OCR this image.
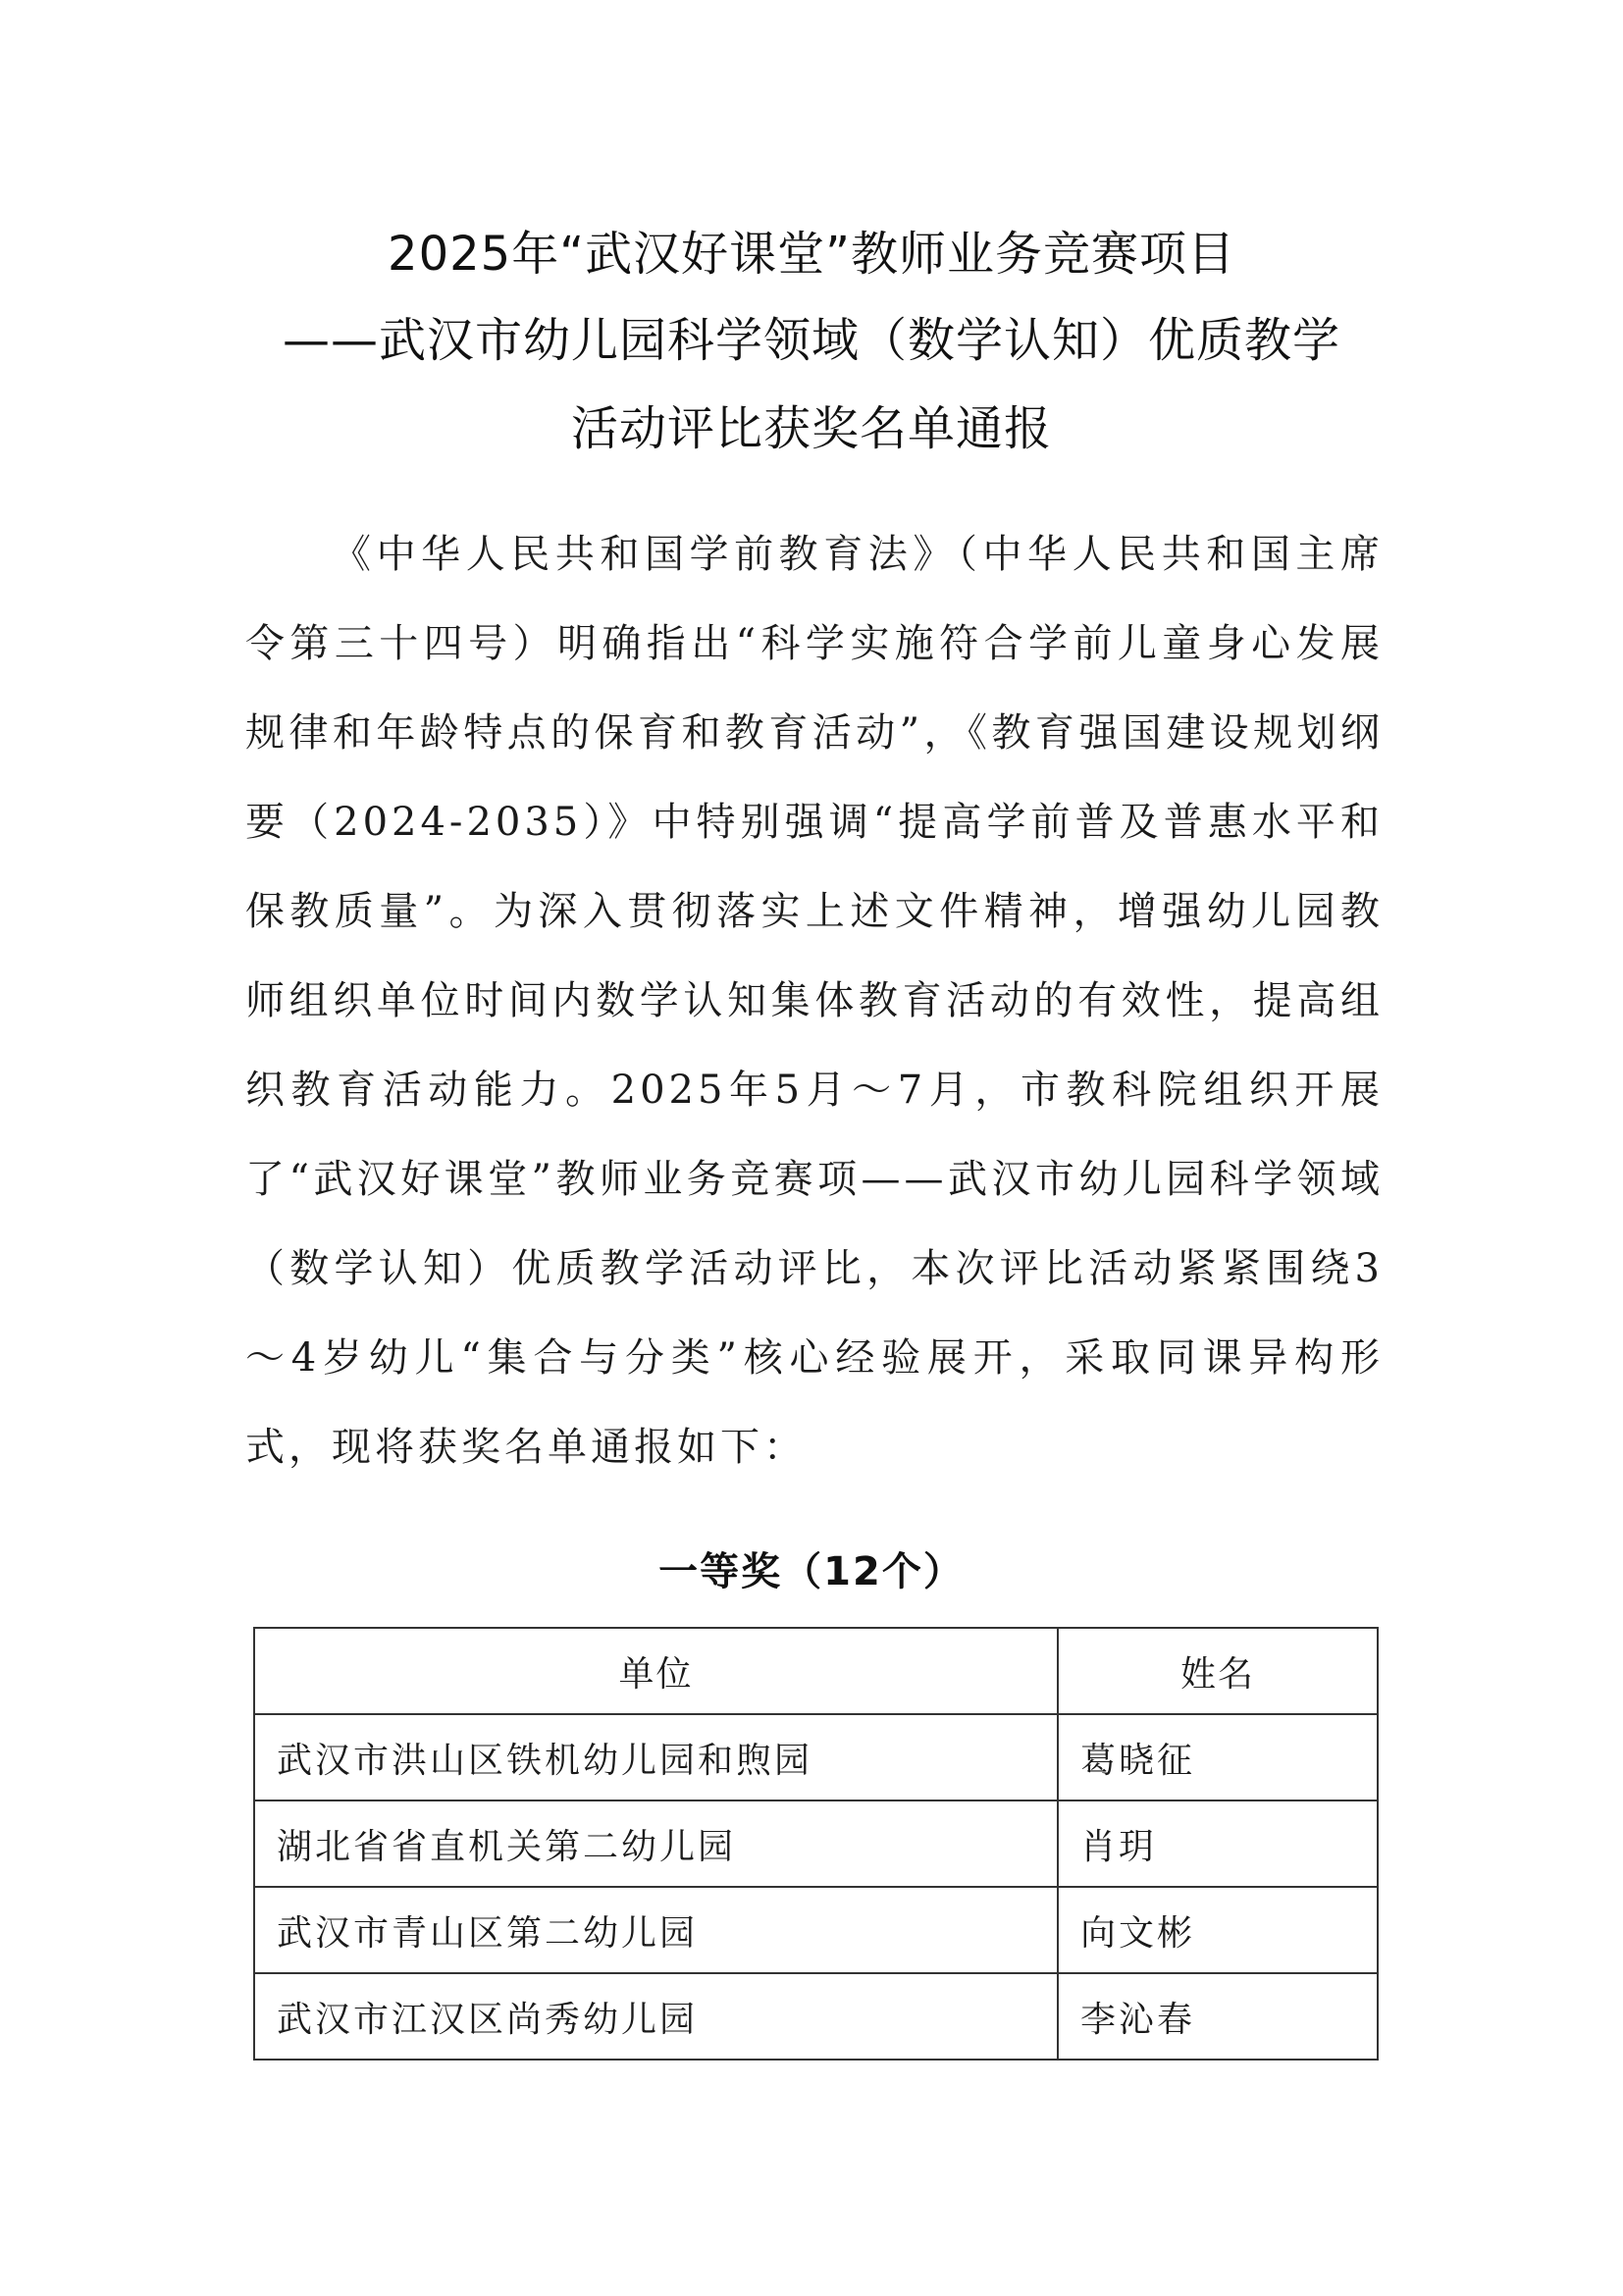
2025年“武汉好课堂”教师业务竞赛项目
——武汉市幼儿园科学领域（数学认知）优质教学
活动评比获奖名单通报
《中华人民共和国学前教育法》（中华人民共和国主席令第三十四号）明确指出“科学实施符合学前儿童身心发展规律和年龄特点的保育和教育活动”，《教育强国建设规划纲要（2024-2035）》中特别强调“提高学前普及普惠水平和保教质量”。为深入贯彻落实上述文件精神，增强幼儿园教师组织单位时间内数学认知集体教育活动的有效性，提高组织教育活动能力。2025年5月～7月，市教科院组织开展了“武汉好课堂”教师业务竞赛项——武汉市幼儿园科学领域（数学认知）优质教学活动评比，本次评比活动紧紧围绕3～4岁幼儿“集合与分类”核心经验展开，采取同课异构形式，现将获奖名单通报如下：
一等奖（12个）
单位	姓名
武汉市洪山区铁机幼儿园和煦园	葛晓征
湖北省省直机关第二幼儿园	肖玥
武汉市青山区第二幼儿园	向文彬
武汉市江汉区尚秀幼儿园	李沁春
